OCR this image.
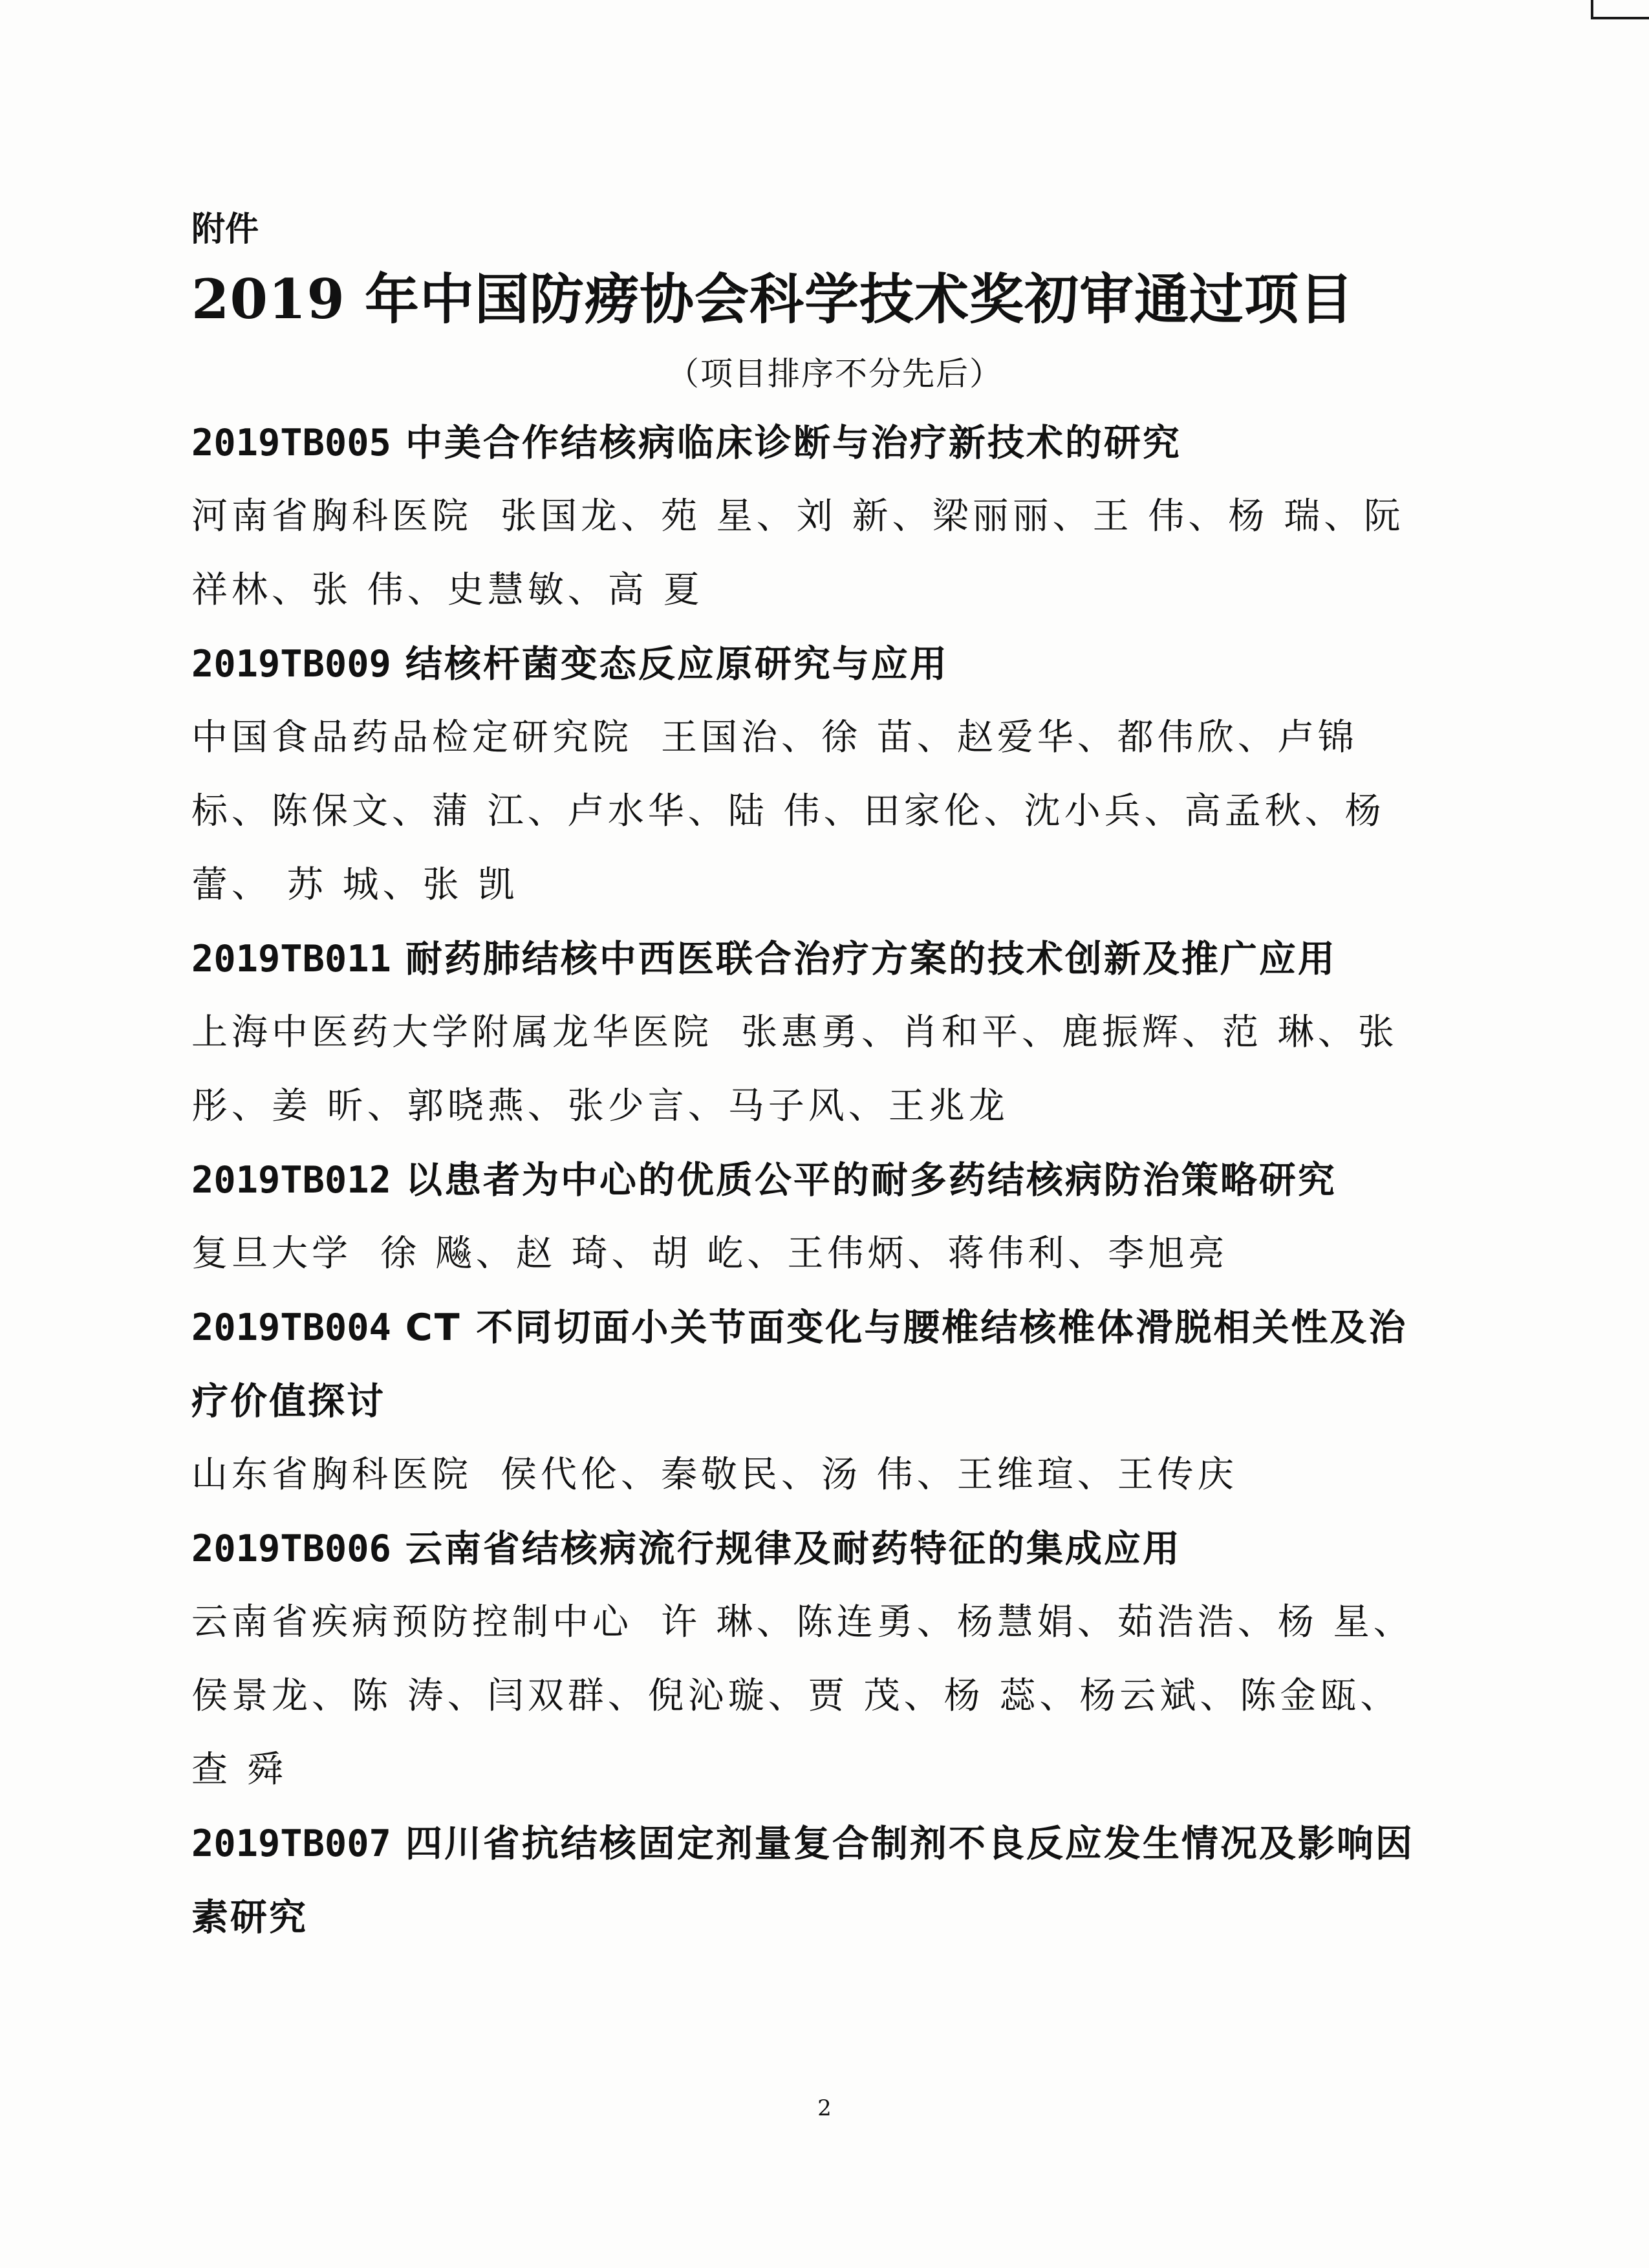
附件
2019 年中国防痨协会科学技术奖初审通过项目
（项目排序不分先后）

2019TB005 中美合作结核病临床诊断与治疗新技术的研究

河南省胸科医院 张国龙、苑 星、刘 新、梁丽丽、王 伟、杨 瑞、阮祥林、张 伟、史慧敏、高 夏

2019TB009 结核杆菌变态反应原研究与应用

中国食品药品检定研究院 王国治、徐 苗、赵爱华、都伟欣、卢锦标、陈保文、蒲 江、卢水华、陆 伟、田家伦、沈小兵、高孟秋、杨 蕾、 苏 城、张 凯

2019TB011 耐药肺结核中西医联合治疗方案的技术创新及推广应用

上海中医药大学附属龙华医院 张惠勇、肖和平、鹿振辉、范 琳、张 彤、姜 昕、郭晓燕、张少言、马子风、王兆龙

2019TB012 以患者为中心的优质公平的耐多药结核病防治策略研究

复旦大学 徐 飚、赵 琦、胡 屹、王伟炳、蒋伟利、李旭亮

2019TB004 CT 不同切面小关节面变化与腰椎结核椎体滑脱相关性及治疗价值探讨

山东省胸科医院 侯代伦、秦敬民、汤 伟、王维瑄、王传庆

2019TB006 云南省结核病流行规律及耐药特征的集成应用

云南省疾病预防控制中心 许 琳、陈连勇、杨慧娟、茹浩浩、杨 星、 侯景龙、陈 涛、闫双群、倪沁璇、贾 茂、杨 蕊、杨云斌、陈金瓯、查 舜

2019TB007 四川省抗结核固定剂量复合制剂不良反应发生情况及影响因素研究

2
